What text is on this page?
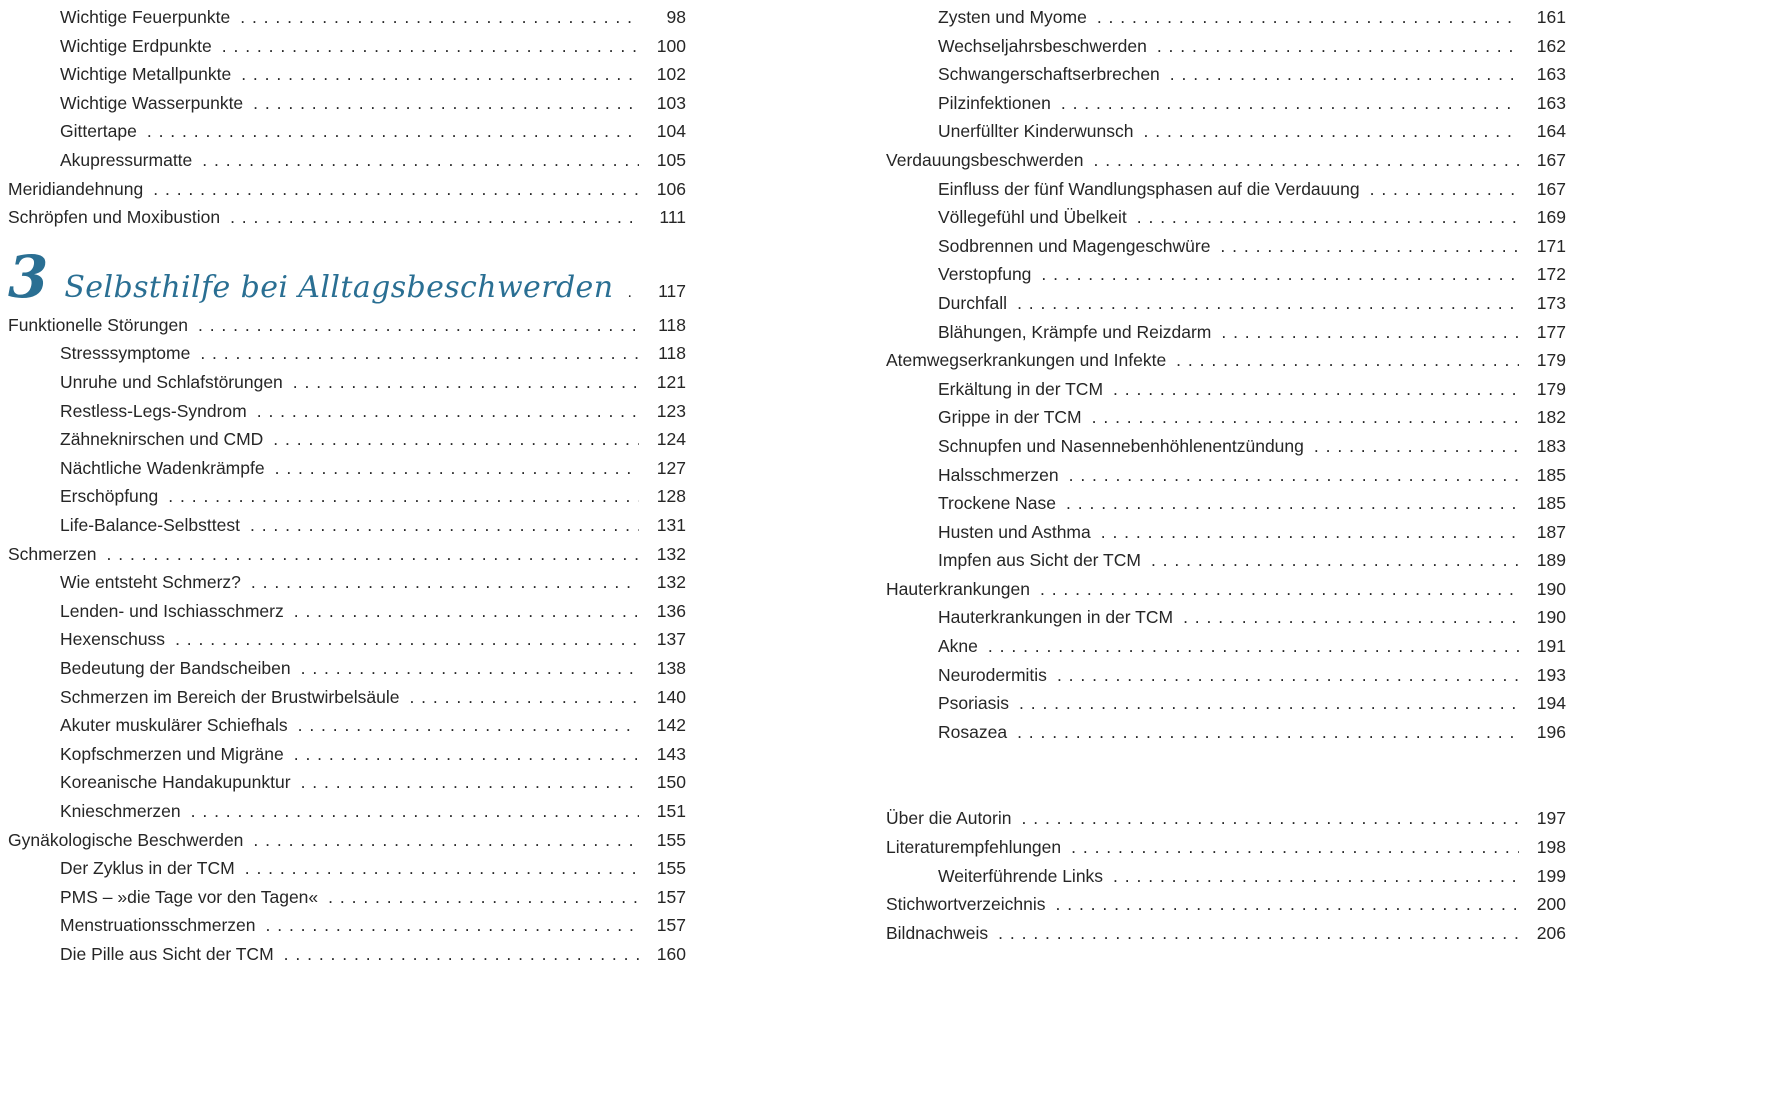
Wichtige Feuerpunkte . . .	98
Wichtige Erdpunkte . . .	100
Wichtige Metallpunkte . . .	102
Wichtige Wasserpunkte . . .	103
Gittertape . . .	104
Akupressurmatte . . .	105
Meridiandehnung . . .	106
Schröpfen und Moxibustion . . .	111
3 Selbsthilfe bei Alltagsbeschwerden . . .	117
Funktionelle Störungen . . .	118
Stresssymptome . . .	118
Unruhe und Schlafstörungen . . .	121
Restless-Legs-Syndrom . . .	123
Zähneknirschen und CMD . . .	124
Nächtliche Wadenkrämpfe . . .	127
Erschöpfung . . .	128
Life-Balance-Selbsttest . . .	131
Schmerzen . . .	132
Wie entsteht Schmerz? . . .	132
Lenden- und Ischiasschmerz . . .	136
Hexenschuss . . .	137
Bedeutung der Bandscheiben . . .	138
Schmerzen im Bereich der Brustwirbelsäule . . .	140
Akuter muskulärer Schiefhals . . .	142
Kopfschmerzen und Migräne . . .	143
Koreanische Handakupunktur . . .	150
Knieschmerzen . . .	151
Gynäkologische Beschwerden . . .	155
Der Zyklus in der TCM . . .	155
PMS – »die Tage vor den Tagen« . . .	157
Menstruationsschmerzen . . .	157
Die Pille aus Sicht der TCM . . .	160
Zysten und Myome . . .	161
Wechseljahrsbeschwerden . . .	162
Schwangerschaftserbrechen . . .	163
Pilzinfektionen . . .	163
Unerfüllter Kinderwunsch . . .	164
Verdauungsbeschwerden . . .	167
Einfluss der fünf Wandlungsphasen auf die Verdauung . . .	167
Völlegefühl und Übelkeit . . .	169
Sodbrennen und Magengeschwüre . . .	171
Verstopfung . . .	172
Durchfall . . .	173
Blähungen, Krämpfe und Reizdarm . . .	177
Atemwegserkrankungen und Infekte . . .	179
Erkältung in der TCM . . .	179
Grippe in der TCM . . .	182
Schnupfen und Nasennebenhöhlenentzündung . . .	183
Halsschmerzen . . .	185
Trockene Nase . . .	185
Husten und Asthma . . .	187
Impfen aus Sicht der TCM . . .	189
Hauterkrankungen . . .	190
Hauterkrankungen in der TCM . . .	190
Akne . . .	191
Neurodermitis . . .	193
Psoriasis . . .	194
Rosazea . . .	196
Über die Autorin . . .	197
Literaturempfehlungen . . .	198
Weiterführende Links . . .	199
Stichwortverzeichnis . . .	200
Bildnachweis . . .	206
